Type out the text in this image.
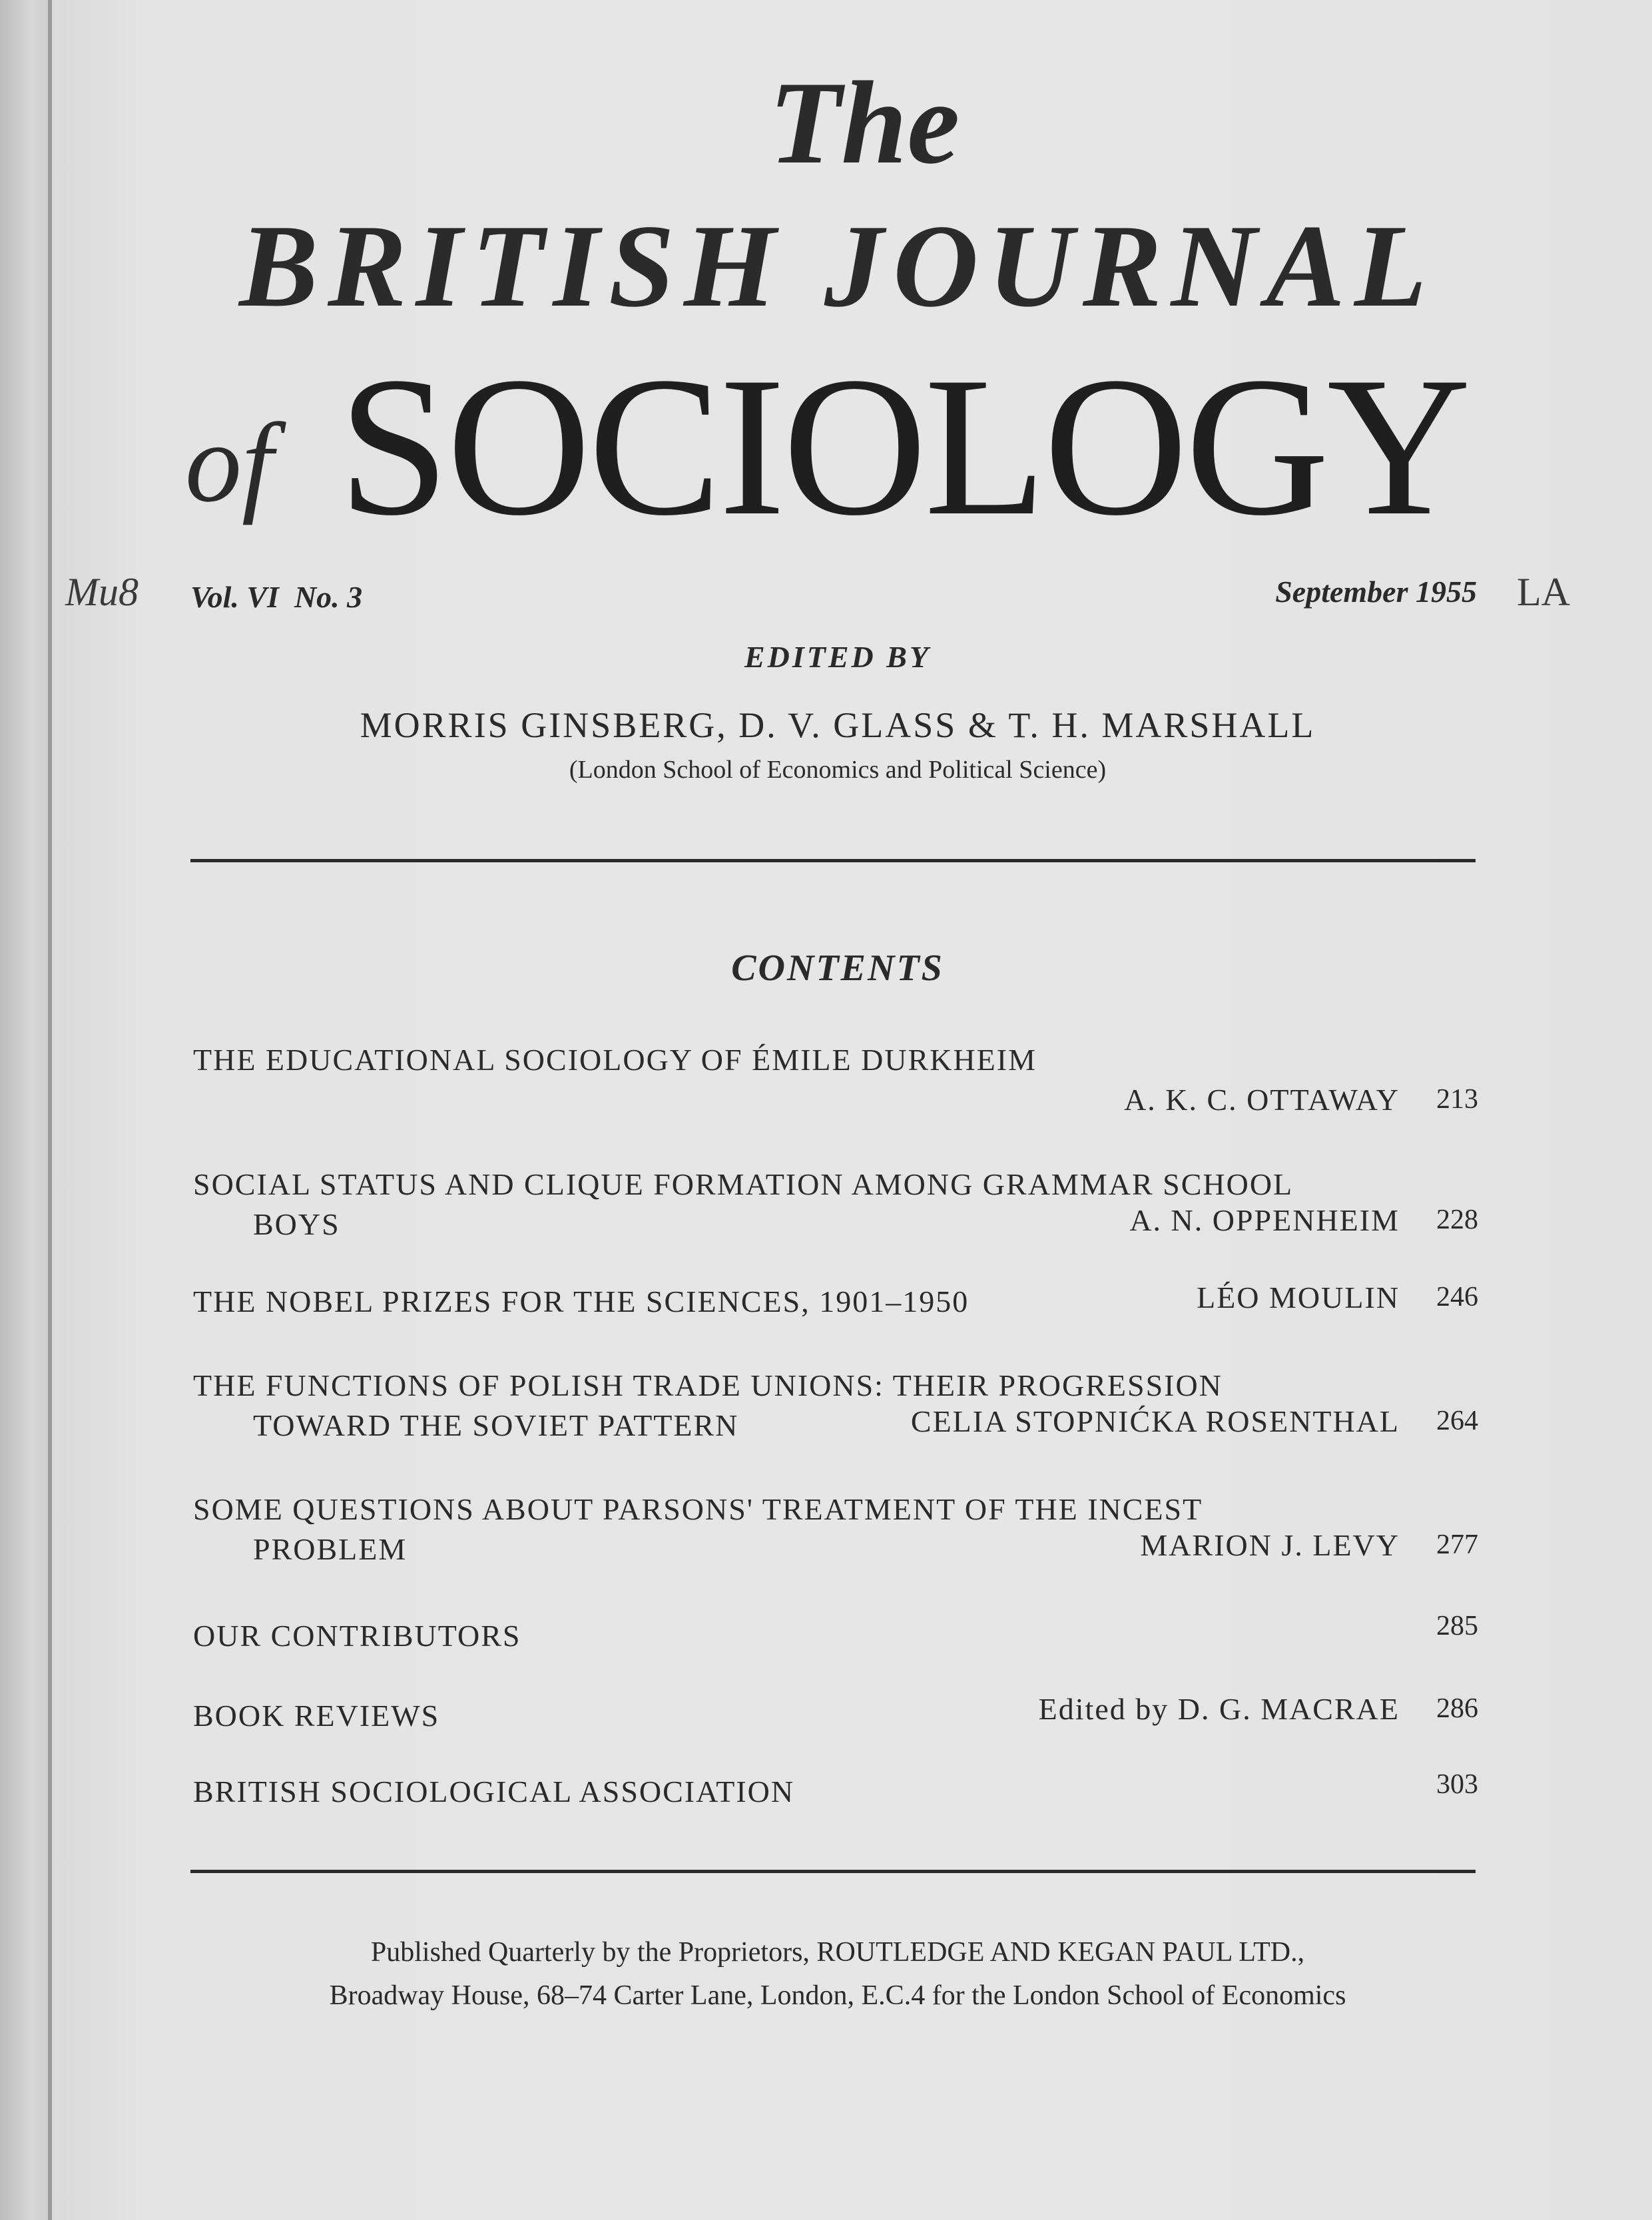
The
BRITISH JOURNAL
of SOCIOLOGY
Mu8 Vol. VI  No. 3	September 1955 LA
EDITED BY
MORRIS GINSBERG, D. V. GLASS & T. H. MARSHALL
(London School of Economics and Political Science)
CONTENTS
THE EDUCATIONAL SOCIOLOGY OF ÉMILE DURKHEIM
A. K. C. OTTAWAY	213
SOCIAL STATUS AND CLIQUE FORMATION AMONG GRAMMAR SCHOOL
BOYS	A. N. OPPENHEIM	228
THE NOBEL PRIZES FOR THE SCIENCES, 1901–1950	LÉO MOULIN	246
THE FUNCTIONS OF POLISH TRADE UNIONS: THEIR PROGRESSION
TOWARD THE SOVIET PATTERN	CELIA STOPNIĆKA ROSENTHAL	264
SOME QUESTIONS ABOUT PARSONS' TREATMENT OF THE INCEST
PROBLEM	MARION J. LEVY	277
OUR CONTRIBUTORS	285
BOOK REVIEWS	Edited by D. G. MACRAE	286
BRITISH SOCIOLOGICAL ASSOCIATION	303
Published Quarterly by the Proprietors, ROUTLEDGE AND KEGAN PAUL LTD.,
Broadway House, 68–74 Carter Lane, London, E.C.4 for the London School of Economics
